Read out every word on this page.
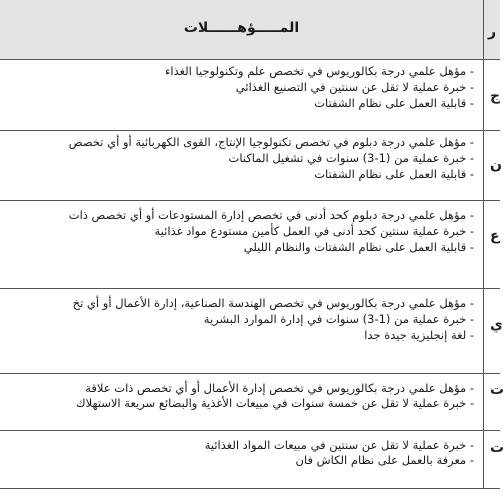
المـــــؤهــــــلات	ر
- مؤهل علمي درجة بكالوريوس في تخصص علم وتكنولوجيا الغذاء
- خبرة عملية لا تقل عن سنتين في التصنيع الغذائي
- قابلية العمل على نظام الشفتات ج
- مؤهل علمي درجة دبلوم في تخصص تكنولوجيا الإنتاج، القوى الكهربائية أو أي تخصص
- خبرة عملية من (1-3) سنوات في تشغيل الماكنات
- قابلية العمل على نظام الشفتات
ن
- مؤهل علمي درجة دبلوم كحد أدنى في تخصص إدارة المستودعات أو أي تخصص ذات
- خبرة عملية سنتين كحد أدنى في العمل كأمين مستودع مواد غذائية
- قابلية العمل على نظام الشفتات والنظام الليلي
ع
- مؤهل علمي درجة بكالوريوس في تخصص الهندسة الصناعية، إدارة الأعمال أو أي تخ
- خبرة عملية من (1-3) سنوات في إدارة الموارد البشرية
- لغة إنجليزية جيدة جدا
ي
- مؤهل علمي درجة بكالوريوس في تخصص إدارة الأعمال أو أي تخصص ذات علاقة
- خبرة عملية لا تقل عن خمسة سنوات في مبيعات الأغذية والبضائع سريعة الاستهلاك
ت
- خبرة عملية لا تقل عن سنتين في مبيعات المواد الغذائية
- معرفة بالعمل على نظام الكاش فان
ت
